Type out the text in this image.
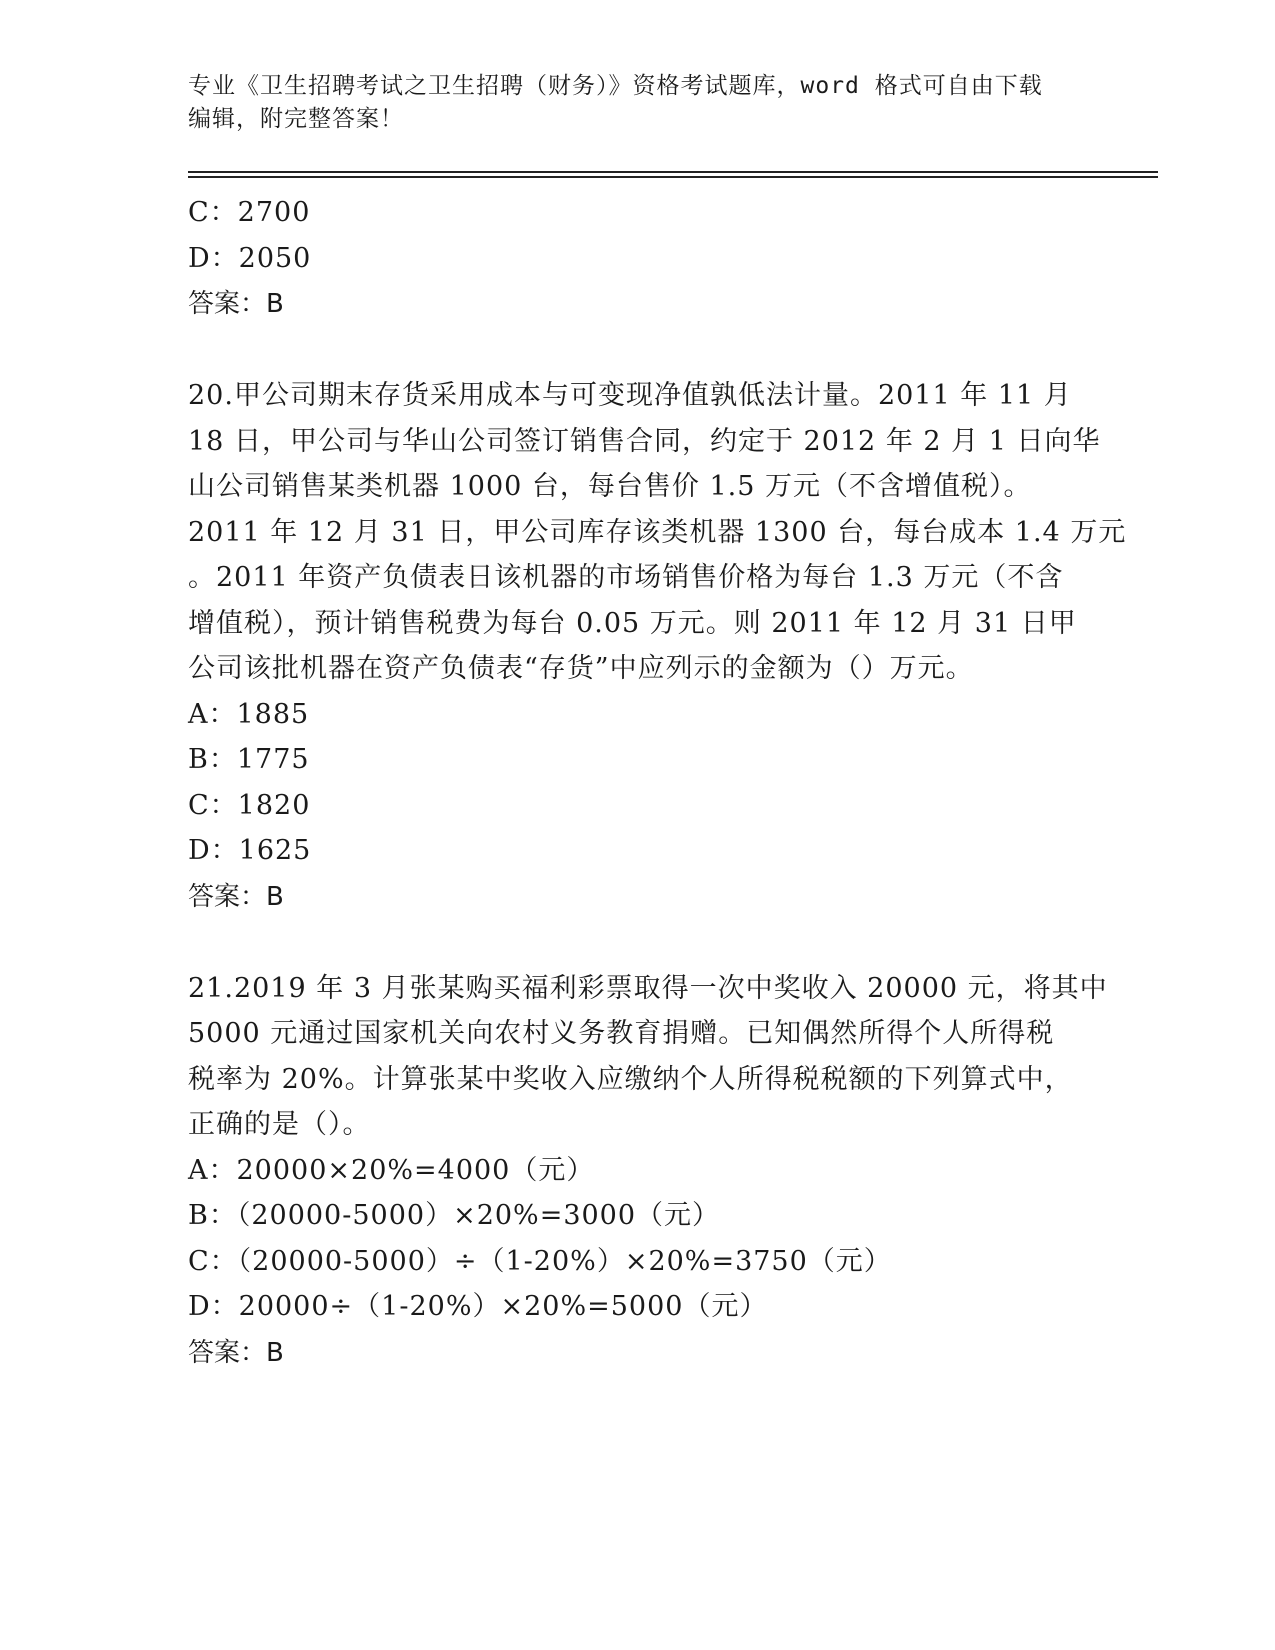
专业《卫生招聘考试之卫生招聘（财务）》资格考试题库，word 格式可自由下载
编辑，附完整答案！
C：2700
D：2050
答案：B
20.甲公司期末存货采用成本与可变现净值孰低法计量。2011 年 11 月
18 日，甲公司与华山公司签订销售合同，约定于 2012 年 2 月 1 日向华
山公司销售某类机器 1000 台，每台售价 1.5 万元（不含增值税）。
2011 年 12 月 31 日，甲公司库存该类机器 1300 台，每台成本 1.4 万元
。2011 年资产负债表日该机器的市场销售价格为每台 1.3 万元（不含
增值税），预计销售税费为每台 0.05 万元。则 2011 年 12 月 31 日甲
公司该批机器在资产负债表“存货”中应列示的金额为（）万元。
A：1885
B：1775
C：1820
D：1625
答案：B
21.2019 年 3 月张某购买福利彩票取得一次中奖收入 20000 元，将其中
5000 元通过国家机关向农村义务教育捐赠。已知偶然所得个人所得税
税率为 20%。计算张某中奖收入应缴纳个人所得税税额的下列算式中，
正确的是（）。
A：20000×20%=4000（元）
B：（20000-5000）×20%=3000（元）
C：（20000-5000）÷（1-20%）×20%=3750（元）
D：20000÷（1-20%）×20%=5000（元）
答案：B
